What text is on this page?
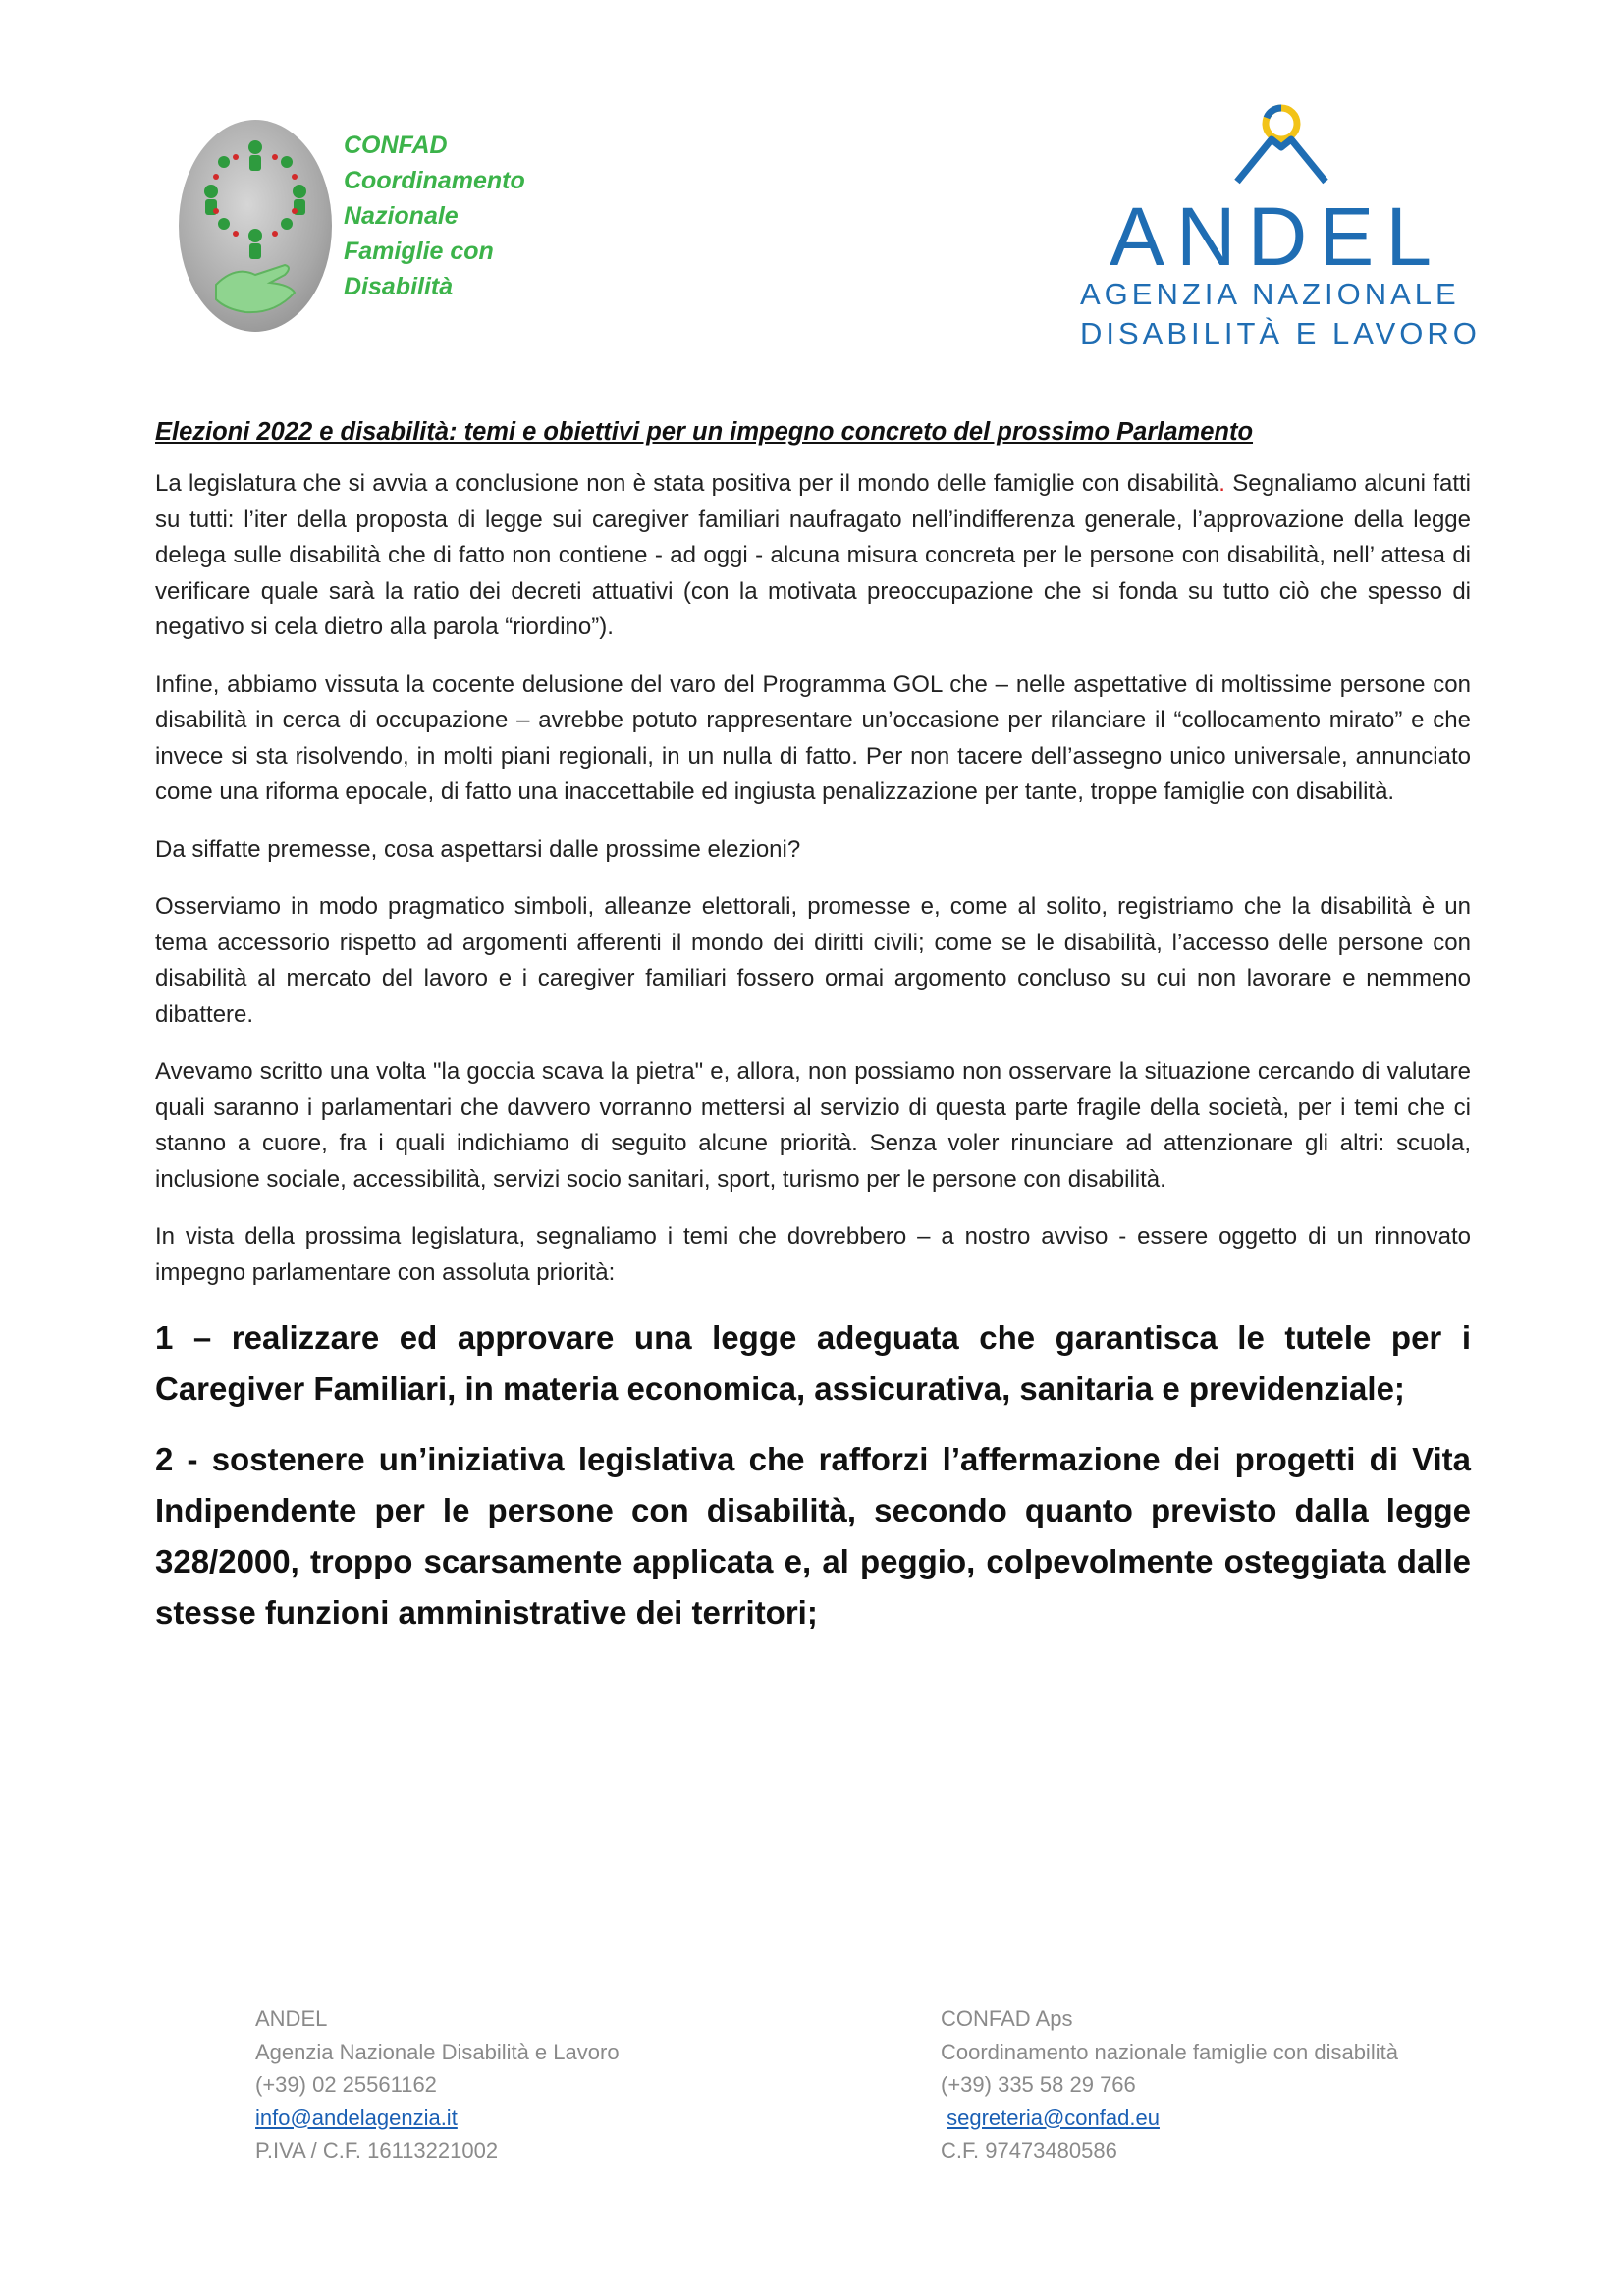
CONFAD
Coordinamento
Nazionale
Famiglie con
Disabilità
ANDEL
AGENZIA NAZIONALE
DISABILITÀ E LAVORO
Elezioni 2022 e disabilità: temi e obiettivi per un impegno concreto del prossimo Parlamento

La legislatura che si avvia a conclusione non è stata positiva per il mondo delle famiglie con disabilità. Segnaliamo alcuni fatti su tutti: l’iter della proposta di legge sui caregiver familiari naufragato nell’indifferenza generale, l’approvazione della legge delega sulle disabilità che di fatto non contiene - ad oggi - alcuna misura concreta per le persone con disabilità, nell’ attesa di verificare quale sarà la ratio dei decreti attuativi (con la motivata preoccupazione che si fonda su tutto ciò che spesso di negativo si cela dietro alla parola “riordino”).

Infine, abbiamo vissuta la cocente delusione del varo del Programma GOL che – nelle aspettative di moltissime persone con disabilità in cerca di occupazione – avrebbe potuto rappresentare un’occasione per rilanciare il “collocamento mirato” e che invece si sta risolvendo, in molti piani regionali, in un nulla di fatto. Per non tacere dell’assegno unico universale, annunciato come una riforma epocale, di fatto una inaccettabile ed ingiusta penalizzazione per tante, troppe famiglie con disabilità.

Da siffatte premesse, cosa aspettarsi dalle prossime elezioni?

Osserviamo in modo pragmatico simboli, alleanze elettorali, promesse e, come al solito, registriamo che la disabilità è un tema accessorio rispetto ad argomenti afferenti il mondo dei diritti civili; come se le disabilità, l’accesso delle persone con disabilità al mercato del lavoro e i caregiver familiari fossero ormai argomento concluso su cui non lavorare e nemmeno dibattere.

Avevamo scritto una volta "la goccia scava la pietra" e, allora, non possiamo non osservare la situazione cercando di valutare quali saranno i parlamentari che davvero vorranno mettersi al servizio di questa parte fragile della società, per i temi che ci stanno a cuore, fra i quali indichiamo di seguito alcune priorità. Senza voler rinunciare ad attenzionare gli altri: scuola, inclusione sociale, accessibilità, servizi socio sanitari, sport, turismo per le persone con disabilità.

In vista della prossima legislatura, segnaliamo i temi che dovrebbero – a nostro avviso - essere oggetto di un rinnovato impegno parlamentare con assoluta priorità:

1 – realizzare ed approvare una legge adeguata che garantisca le tutele per i Caregiver Familiari, in materia economica, assicurativa, sanitaria e previdenziale;

2 - sostenere un’iniziativa legislativa che rafforzi l’affermazione dei progetti di Vita Indipendente per le persone con disabilità, secondo quanto previsto dalla legge 328/2000, troppo scarsamente applicata e, al peggio, colpevolmente osteggiata dalle stesse funzioni amministrative dei territori;

ANDEL
Agenzia Nazionale Disabilità e Lavoro
(+39) 02 25561162
info@andelagenzia.it
P.IVA / C.F. 16113221002
CONFAD Aps
Coordinamento nazionale famiglie con disabilità
(+39) 335 58 29 766
segreteria@confad.eu
C.F. 97473480586
